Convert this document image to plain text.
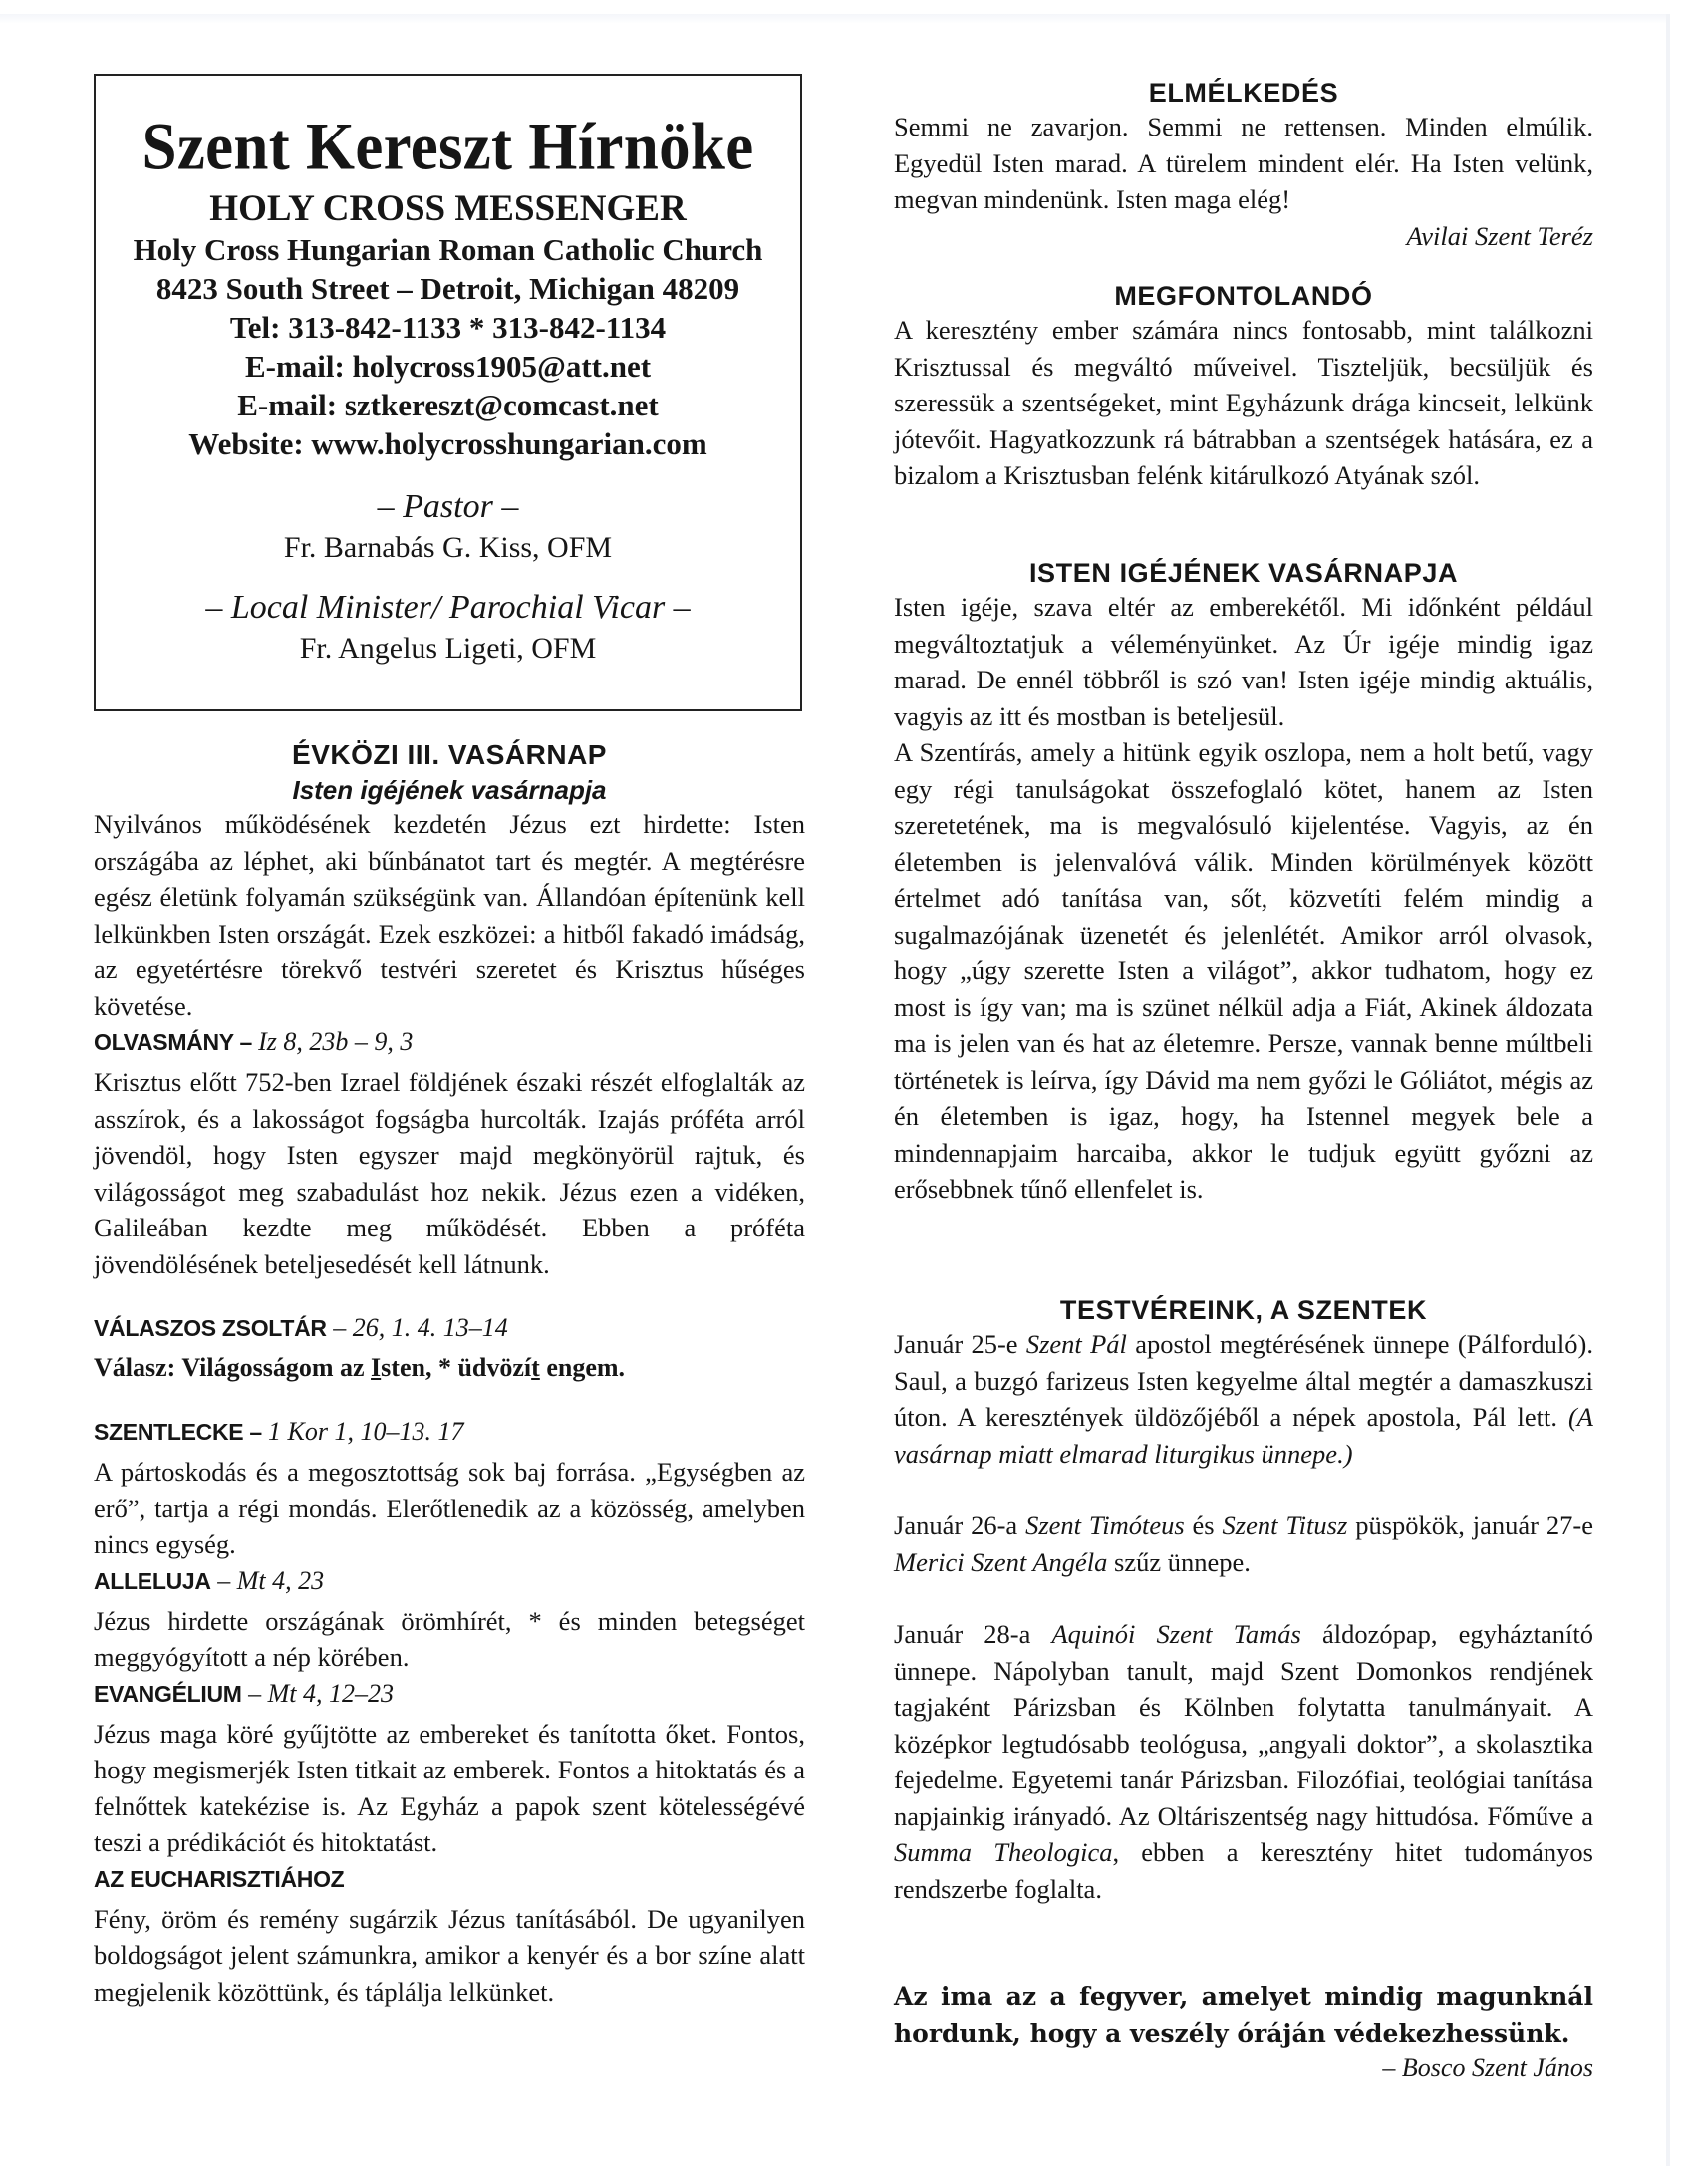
Szent Kereszt Hírnöke
HOLY CROSS MESSENGER
Holy Cross Hungarian Roman Catholic Church
8423 South Street – Detroit, Michigan 48209
Tel: 313-842-1133 * 313-842-1134
E-mail: holycross1905@att.net
E-mail: sztkereszt@comcast.net
Website: www.holycrosshungarian.com
– Pastor –
Fr. Barnabás G. Kiss, OFM
– Local Minister/ Parochial Vicar –
Fr. Angelus Ligeti, OFM
ÉVKÖZI III. VASÁRNAP
Isten igéjének vasárnapja

Nyilvános működésének kezdetén Jézus ezt hirdette: Isten országába az léphet, aki bűnbánatot tart és megtér. A megtérésre egész életünk folyamán szükségünk van. Állandóan építenünk kell lelkünkben Isten országát. Ezek eszközei: a hitből fakadó imádság, az egyetértésre törekvő testvéri szeretet és Krisztus hűséges követése.

OLVASMÁNY – Iz 8, 23b – 9, 3

Krisztus előtt 752-ben Izrael földjének északi részét elfoglalták az asszírok, és a lakosságot fogságba hurcolták. Izajás próféta arról jövendöl, hogy Isten egyszer majd megkönyörül rajtuk, és világosságot meg szabadulást hoz nekik. Jézus ezen a vidéken, Galileában kezdte meg működését. Ebben a próféta jövendölésének beteljesedését kell látnunk.

VÁLASZOS ZSOLTÁR – 26, 1. 4. 13–14
Válasz: Világosságom az Isten, * üdvözít engem.
SZENTLECKE – 1 Kor 1, 10–13. 17

A pártoskodás és a megosztottság sok baj forrása. „Egységben az erő”, tartja a régi mondás. Elerőtlenedik az a közösség, amelyben nincs egység.

ALLELUJA – Mt 4, 23

Jézus hirdette országának örömhírét, * és minden betegséget meggyógyított a nép körében.

EVANGÉLIUM – Mt 4, 12–23

Jézus maga köré gyűjtötte az embereket és tanította őket. Fontos, hogy megismerjék Isten titkait az emberek. Fontos a hitoktatás és a felnőttek katekézise is. Az Egyház a papok szent kötelességévé teszi a prédikációt és hitoktatást.

AZ EUCHARISZTIÁHOZ

Fény, öröm és remény sugárzik Jézus tanításából. De ugyanilyen boldogságot jelent számunkra, amikor a kenyér és a bor színe alatt megjelenik közöttünk, és táplálja lelkünket.

ELMÉLKEDÉS

Semmi ne zavarjon. Semmi ne rettensen. Minden elmúlik. Egyedül Isten marad. A türelem mindent elér. Ha Isten velünk, megvan mindenünk. Isten maga elég!

Avilai Szent Teréz
MEGFONTOLANDÓ

A keresztény ember számára nincs fontosabb, mint találkozni Krisztussal és megváltó műveivel. Tiszteljük, becsüljük és szeressük a szentségeket, mint Egyházunk drága kincseit, lelkünk jótevőit. Hagyatkozzunk rá bátrabban a szentségek hatására, ez a bizalom a Krisztusban felénk kitárulkozó Atyának szól.

ISTEN IGÉJÉNEK VASÁRNAPJA

Isten igéje, szava eltér az emberekétől. Mi időnként például megváltoztatjuk a véleményünket. Az Úr igéje mindig igaz marad. De ennél többről is szó van! Isten igéje mindig aktuális, vagyis az itt és mostban is beteljesül.

A Szentírás, amely a hitünk egyik oszlopa, nem a holt betű, vagy egy régi tanulságokat összefoglaló kötet, hanem az Isten szeretetének, ma is megvalósuló kijelentése. Vagyis, az én életemben is jelenvalóvá válik. Minden körülmények között értelmet adó tanítása van, sőt, közvetíti felém mindig a sugalmazójának üzenetét és jelenlétét. Amikor arról olvasok, hogy „úgy szerette Isten a világot”, akkor tudhatom, hogy ez most is így van; ma is szünet nélkül adja a Fiát, Akinek áldozata ma is jelen van és hat az életemre. Persze, vannak benne múltbeli történetek is leírva, így Dávid ma nem győzi le Góliátot, mégis az én életemben is igaz, hogy, ha Istennel megyek bele a mindennapjaim harcaiba, akkor le tudjuk együtt győzni az erősebbnek tűnő ellenfelet is.

TESTVÉREINK, A SZENTEK

Január 25-e Szent Pál apostol megtérésének ünnepe (Pálforduló). Saul, a buzgó farizeus Isten kegyelme által megtér a damaszkuszi úton. A keresztények üldözőjéből a népek apostola, Pál lett. (A vasárnap miatt elmarad liturgikus ünnepe.)

Január 26-a Szent Timóteus és Szent Titusz püspökök, január 27-e Merici Szent Angéla szűz ünnepe.

Január 28-a Aquinói Szent Tamás áldozópap, egyháztanító ünnepe. Nápolyban tanult, majd Szent Domonkos rendjének tagjaként Párizsban és Kölnben folytatta tanulmányait. A középkor legtudósabb teológusa, „angyali doktor”, a skolasztika fejedelme. Egyetemi tanár Párizsban. Filozófiai, teológiai tanítása napjainkig irányadó. Az Oltáriszentség nagy hittudósa. Főműve a Summa Theologica, ebben a keresztény hitet tudományos rendszerbe foglalta.

Az ima az a fegyver, amelyet mindig magunknál hordunk, hogy a veszély óráján védekezhessünk.
– Bosco Szent János
